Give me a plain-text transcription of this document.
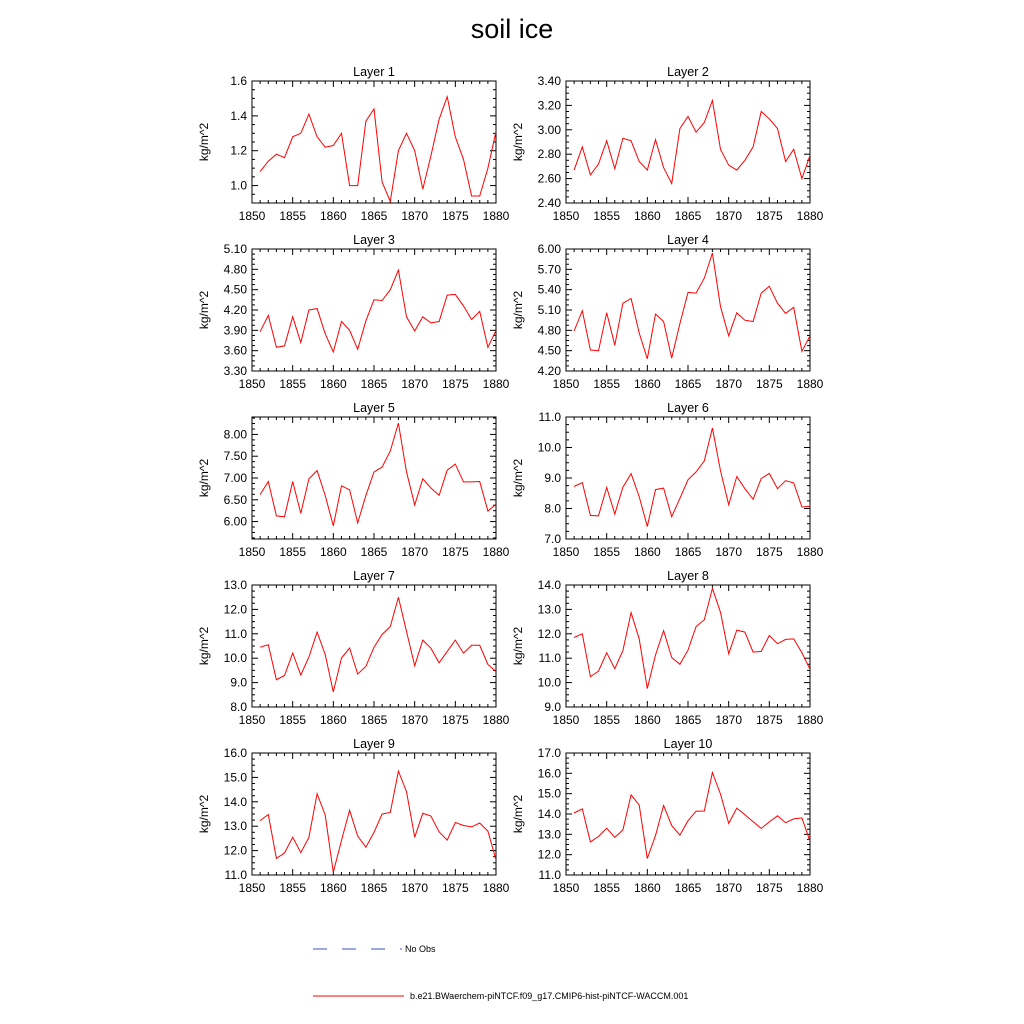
soil ice
Layer 1
kg/m^2
1850 1855 1860 1865 1870 1875 1880
1.0
1.2
1.4
1.6
Layer 2
kg/m^2
1850 1855 1860 1865 1870 1875 1880
2.40
2.60
2.80
3.00
3.20
3.40
Layer 3
kg/m^2
1850 1855 1860 1865 1870 1875 1880
3.30
3.60
3.90
4.20
4.50
4.80
5.10
Layer 4
kg/m^2
1850 1855 1860 1865 1870 1875 1880
4.20
4.50
4.80
5.10
5.40
5.70
6.00
Layer 5
kg/m^2
1850 1855 1860 1865 1870 1875 1880
6.00
6.50
7.00
7.50
8.00
Layer 6
kg/m^2
1850 1855 1860 1865 1870 1875 1880
7.0
8.0
9.0
10.0
11.0
Layer 7
kg/m^2
1850 1855 1860 1865 1870 1875 1880
8.0
9.0
10.0
11.0
12.0
13.0
Layer 8
kg/m^2
1850 1855 1860 1865 1870 1875 1880
9.0
10.0
11.0
12.0
13.0
14.0
Layer 9
kg/m^2
1850 1855 1860 1865 1870 1875 1880
11.0
12.0
13.0
14.0
15.0
16.0
Layer 10
kg/m^2
1850 1855 1860 1865 1870 1875 1880
11.0
12.0
13.0
14.0
15.0
16.0
17.0
No Obs
b.e21.BWaerchem-piNTCF.f09_g17.CMIP6-hist-piNTCF-WACCM.001
